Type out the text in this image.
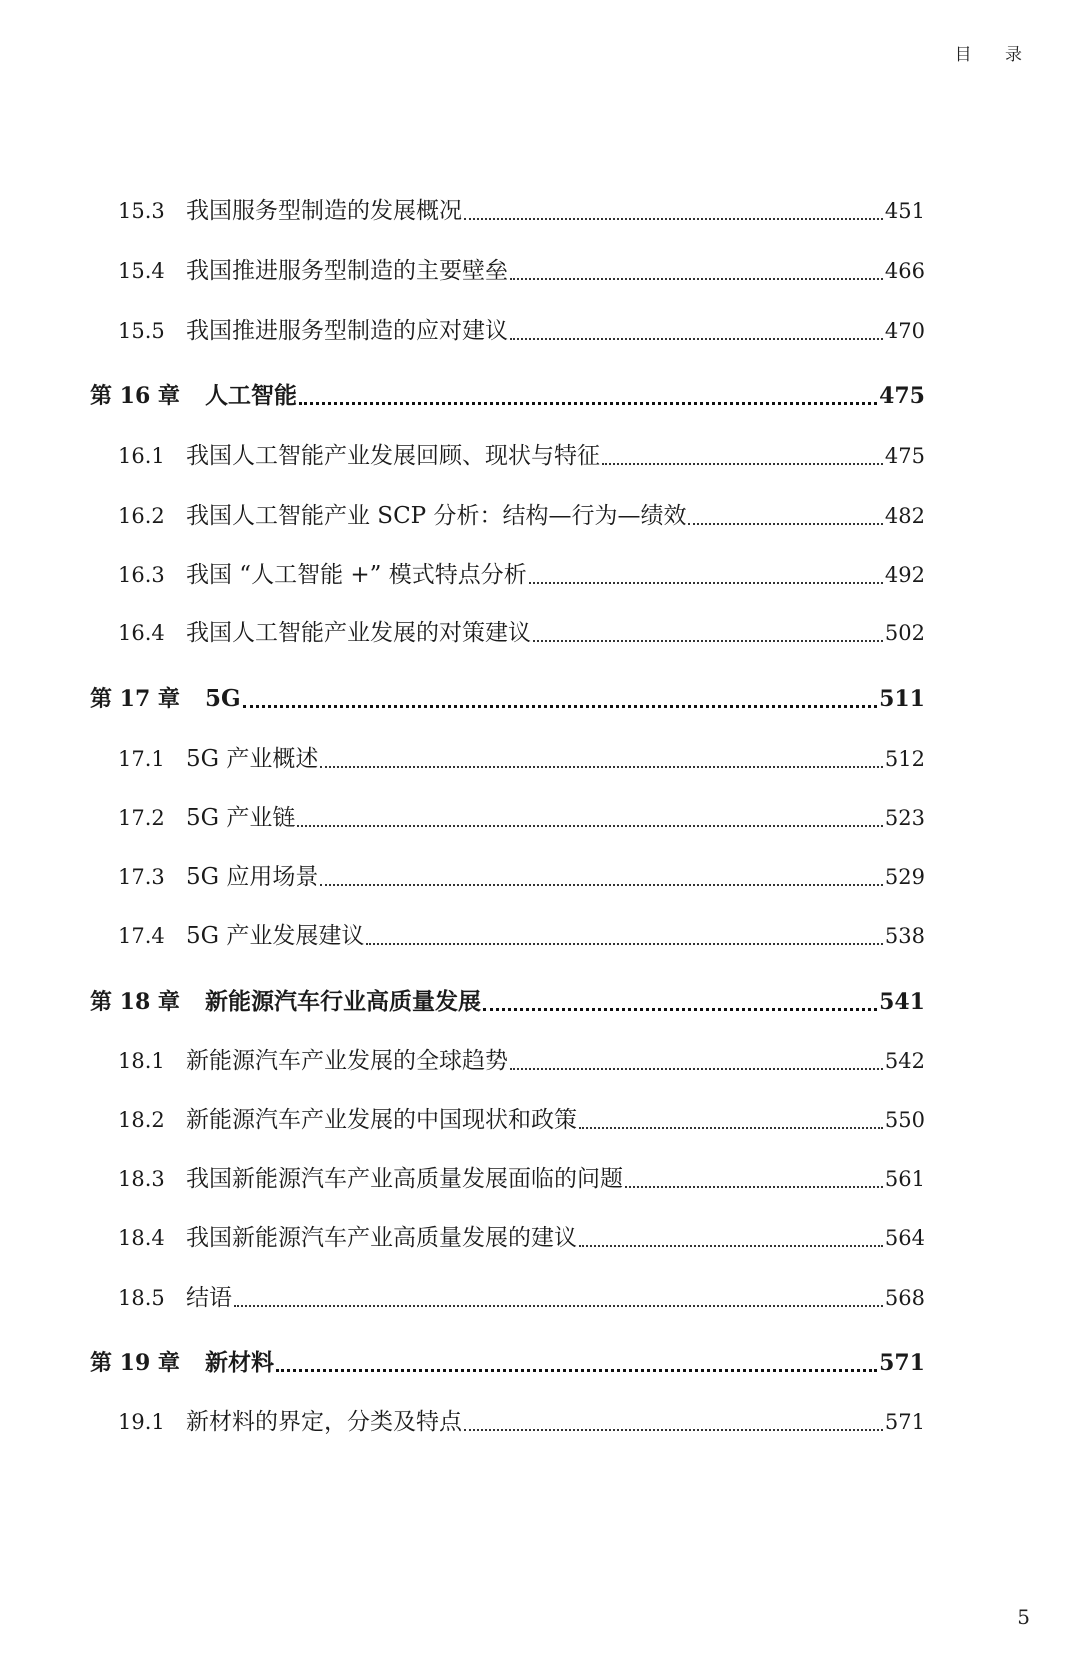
目 录
15.3 我国服务型制造的发展概况	451
15.4 我国推进服务型制造的主要壁垒	466
15.5 我国推进服务型制造的应对建议	470
第 16 章	人工智能	475
16.1 我国人工智能产业发展回顾、现状与特征	475
16.2 我国人工智能产业 SCP 分析：结构—行为—绩效	482
16.3 我国 “人工智能 +” 模式特点分析	492
16.4 我国人工智能产业发展的对策建议	502
第 17 章	5G	511
17.1 5G 产业概述	512
17.2 5G 产业链	523
17.3 5G 应用场景	529
17.4 5G 产业发展建议	538
第 18 章	新能源汽车行业高质量发展	541
18.1 新能源汽车产业发展的全球趋势	542
18.2 新能源汽车产业发展的中国现状和政策	550
18.3 我国新能源汽车产业高质量发展面临的问题	561
18.4 我国新能源汽车产业高质量发展的建议	564
18.5 结语	568
第 19 章	新材料	571
19.1 新材料的界定，分类及特点	571
5
